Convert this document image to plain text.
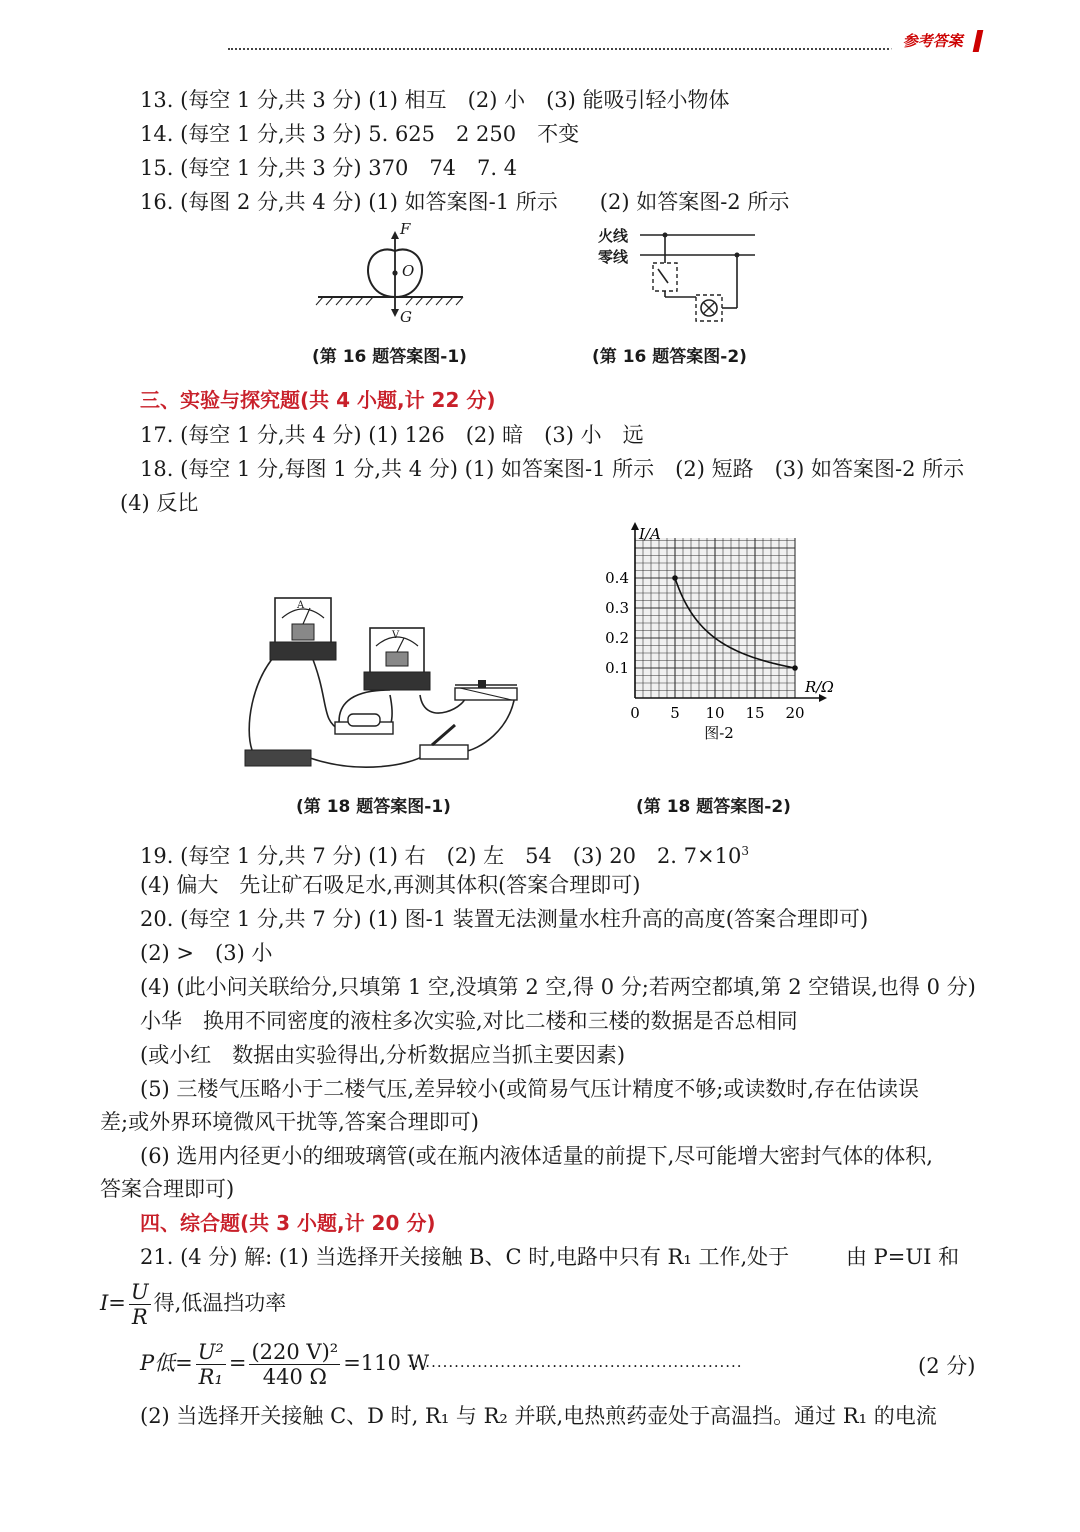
参考答案
13. (每空 1 分,共 3 分) (1) 相互　(2) 小　(3) 能吸引轻小物体
14. (每空 1 分,共 3 分) 5. 625　2 250　不变
15. (每空 1 分,共 3 分) 370　74　7. 4
16. (每图 2 分,共 4 分) (1) 如答案图-1 所示　　(2) 如答案图-2 所示
F
O
G
(第 16 题答案图-1)
火线
零线
(第 16 题答案图-2)
三、实验与探究题(共 4 小题,计 22 分)
17. (每空 1 分,共 4 分) (1) 126　(2) 暗　(3) 小　远
18. (每空 1 分,每图 1 分,共 4 分) (1) 如答案图-1 所示　(2) 短路　(3) 如答案图-2 所示
(4) 反比
A
V
(第 18 题答案图-1)
0.4
0.3
0.2
0.1
0 5 10 15 20
I/A
R/Ω
图-2
(第 18 题答案图-2)
19. (每空 1 分,共 7 分) (1) 右　(2) 左　54　(3) 20　2. $7\times 10^3$
(4) 偏大　先让矿石吸足水,再测其体积(答案合理即可)
20. (每空 1 分,共 7 分) (1) 图-1 装置无法测量水柱升高的高度(答案合理即可)
(2) >　(3) 小
(4) (此小问关联给分,只填第 1 空,没填第 2 空,得 0 分;若两空都填,第 2 空错误,也得 0 分)
小华　换用不同密度的液柱多次实验,对比二楼和三楼的数据是否总相同
(或小红　数据由实验得出,分析数据应当抓主要因素)
(5) 三楼气压略小于二楼气压,差异较小(或简易气压计精度不够;或读数时,存在估读误
差;或外界环境微风干扰等,答案合理即可)
(6) 选用内径更小的细玻璃管(或在瓶内液体适量的前提下,尽可能增大密封气体的体积,
答案合理即可)
四、综合题(共 3 小题,计 20 分)
21. (4 分) 解: (1) 当选择开关接触 B、C 时,电路中只有 R₁ 工作,处于	由 P=UI 和
$I= \frac{U}{R}$ 得,低温挡功率
P低= $\frac{\text{U²}}{\text{R₁}} = \frac{\text{(220 V)²}}{440 \Omega} =110$ W
··························································	(2 分)
(2) 当选择开关接触 C、D 时, R₁ 与 R₂ 并联,电热煎药壶处于高温挡。通过 R₁ 的电流
